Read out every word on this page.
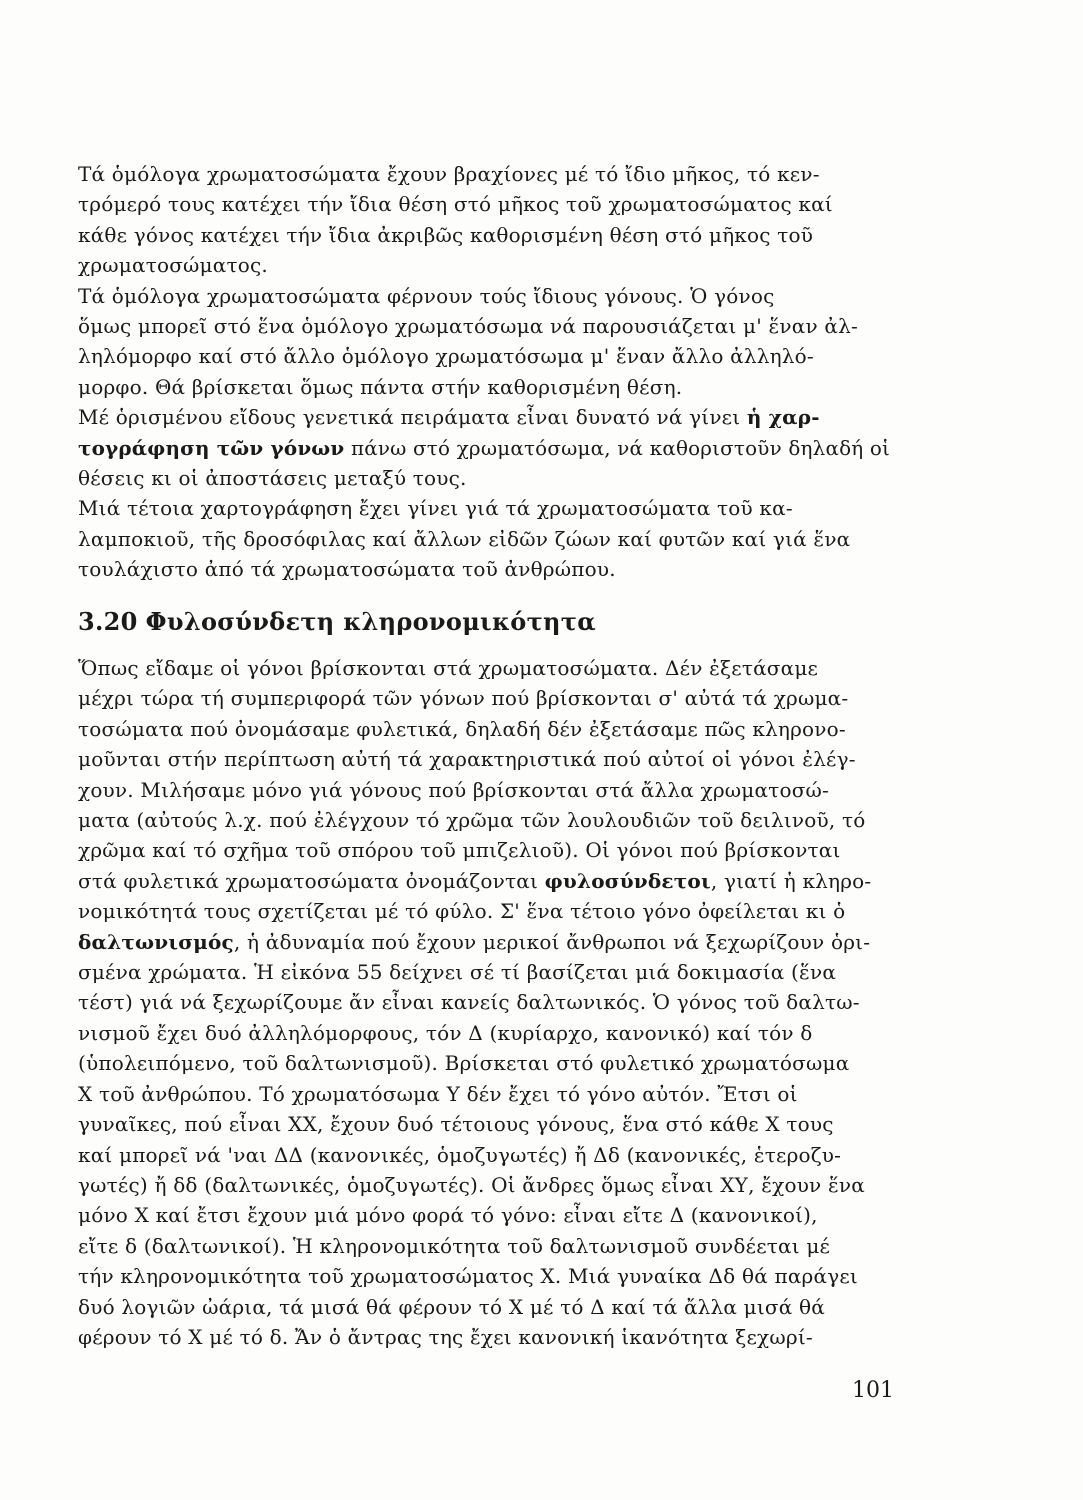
Τά ὁμόλογα χρωματοσώματα ἔχουν βραχίονες μέ τό ἴδιο μῆκος, τό κεν-
τρόμερό τους κατέχει τήν ἴδια θέση στό μῆκος τοῦ χρωματοσώματος καί
κάθε γόνος κατέχει τήν ἴδια ἀκριβῶς καθορισμένη θέση στό μῆκος τοῦ
χρωματοσώματος.
Τά ὁμόλογα χρωματοσώματα φέρνουν τούς ἴδιους γόνους. Ὁ γόνος
ὅμως μπορεῖ στό ἕνα ὁμόλογο χρωματόσωμα νά παρουσιάζεται μ' ἕναν ἀλ-
ληλόμορφο καί στό ἄλλο ὁμόλογο χρωματόσωμα μ' ἕναν ἄλλο ἀλληλό-
μορφο. Θά βρίσκεται ὅμως πάντα στήν καθορισμένη θέση.
Μέ ὁρισμένου εἴδους γενετικά πειράματα εἶναι δυνατό νά γίνει ἡ χαρ-
τογράφηση τῶν γόνων πάνω στό χρωματόσωμα, νά καθοριστοῦν δηλαδή οἱ
θέσεις κι οἱ ἀποστάσεις μεταξύ τους.
Μιά τέτοια χαρτογράφηση ἔχει γίνει γιά τά χρωματοσώματα τοῦ κα-
λαμποκιοῦ, τῆς δροσόφιλας καί ἄλλων εἰδῶν ζώων καί φυτῶν καί γιά ἕνα
τουλάχιστο ἀπό τά χρωματοσώματα τοῦ ἀνθρώπου.
3.20 Φυλοσύνδετη κληρονομικότητα
Ὅπως εἴδαμε οἱ γόνοι βρίσκονται στά χρωματοσώματα. Δέν ἐξετάσαμε
μέχρι τώρα τή συμπεριφορά τῶν γόνων πού βρίσκονται σ' αὐτά τά χρωμα-
τοσώματα πού ὀνομάσαμε φυλετικά, δηλαδή δέν ἐξετάσαμε πῶς κληρονο-
μοῦνται στήν περίπτωση αὐτή τά χαρακτηριστικά πού αὐτοί οἱ γόνοι ἐλέγ-
χουν. Μιλήσαμε μόνο γιά γόνους πού βρίσκονται στά ἄλλα χρωματοσώ-
ματα (αὐτούς λ.χ. πού ἐλέγχουν τό χρῶμα τῶν λουλουδιῶν τοῦ δειλινοῦ, τό
χρῶμα καί τό σχῆμα τοῦ σπόρου τοῦ μπιζελιοῦ). Οἱ γόνοι πού βρίσκονται
στά φυλετικά χρωματοσώματα ὀνομάζονται φυλοσύνδετοι, γιατί ἡ κληρο-
νομικότητά τους σχετίζεται μέ τό φύλο. Σ' ἕνα τέτοιο γόνο ὀφείλεται κι ὁ
δαλτωνισμός, ἡ ἀδυναμία πού ἔχουν μερικοί ἄνθρωποι νά ξεχωρίζουν ὁρι-
σμένα χρώματα. Ἡ εἰκόνα 55 δείχνει σέ τί βασίζεται μιά δοκιμασία (ἕνα
τέστ) γιά νά ξεχωρίζουμε ἄν εἶναι κανείς δαλτωνικός. Ὁ γόνος τοῦ δαλτω-
νισμοῦ ἔχει δυό ἀλληλόμορφους, τόν Δ (κυρίαρχο, κανονικό) καί τόν δ
(ὑπολειπόμενο, τοῦ δαλτωνισμοῦ). Βρίσκεται στό φυλετικό χρωματόσωμα
Χ τοῦ ἀνθρώπου. Τό χρωματόσωμα Υ δέν ἔχει τό γόνο αὐτόν. Ἔτσι οἱ
γυναῖκες, πού εἶναι ΧΧ, ἔχουν δυό τέτοιους γόνους, ἕνα στό κάθε Χ τους
καί μπορεῖ νά 'ναι ΔΔ (κανονικές, ὁμοζυγωτές) ἤ Δδ (κανονικές, ἑτεροζυ-
γωτές) ἤ δδ (δαλτωνικές, ὁμοζυγωτές). Οἱ ἄνδρες ὅμως εἶναι ΧΥ, ἔχουν ἕνα
μόνο Χ καί ἔτσι ἔχουν μιά μόνο φορά τό γόνο: εἶναι εἴτε Δ (κανονικοί),
εἴτε δ (δαλτωνικοί). Ἡ κληρονομικότητα τοῦ δαλτωνισμοῦ συνδέεται μέ
τήν κληρονομικότητα τοῦ χρωματοσώματος Χ. Μιά γυναίκα Δδ θά παράγει
δυό λογιῶν ὠάρια, τά μισά θά φέρουν τό Χ μέ τό Δ καί τά ἄλλα μισά θά
φέρουν τό Χ μέ τό δ. Ἄν ὁ ἄντρας της ἔχει κανονική ἱκανότητα ξεχωρί-
101
